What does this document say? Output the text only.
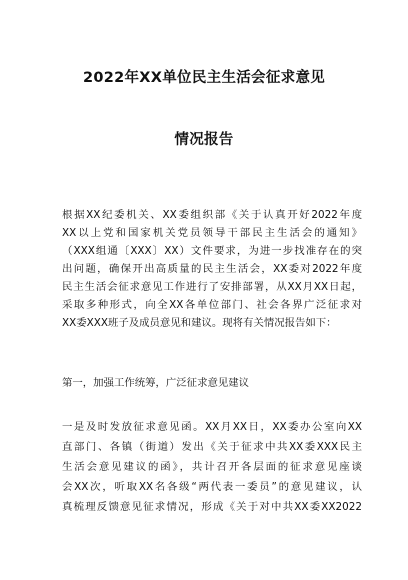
2022年XX单位民主生活会征求意见
情况报告
根据XX纪委机关、XX委组织部《关于认真开好2022年度
XX以上党和国家机关党员领导干部民主生活会的通知》
（XXX组通〔XXX〕XX）文件要求，为进一步找准存在的突
出问题，确保开出高质量的民主生活会，XX委对2022年度
民主生活会征求意见工作进行了安排部署，从XX月XX日起，
采取多种形式，向全XX各单位部门、社会各界广泛征求对
XX委XXX班子及成员意见和建议。现将有关情况报告如下：
第一，加强工作统筹，广泛征求意见建议
一是及时发放征求意见函。XX月XX日，XX委办公室向XX
直部门、各镇（街道）发出《关于征求中共XX委XXX民主
生活会意见建议的函》，共计召开各层面的征求意见座谈
会XX次，听取XX名各级“两代表一委员”的意见建议，认
真梳理反馈意见征求情况，形成《关于对中共XX委XX2022
